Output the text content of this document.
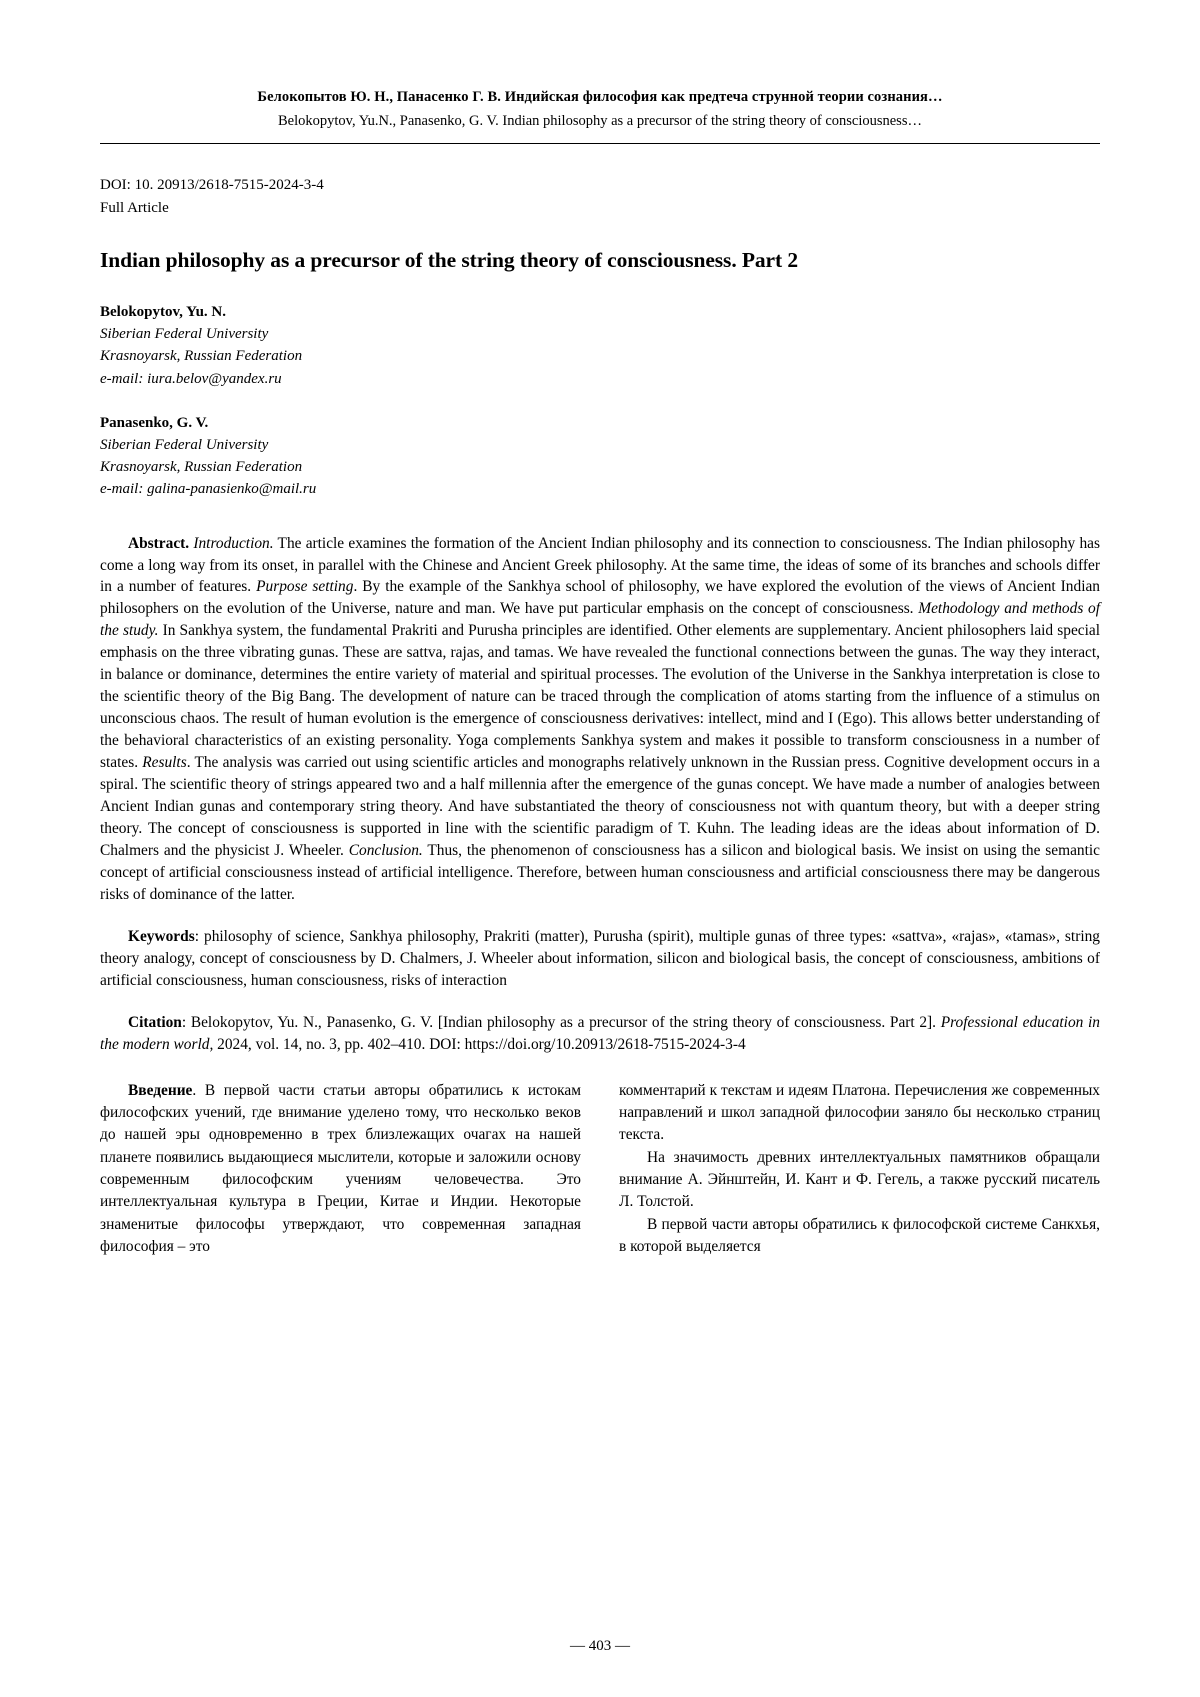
Белокопытов Ю. Н., Панасенко Г. В. Индийская философия как предтеча струнной теории сознания…
Belokopytov, Yu.N., Panasenko, G. V. Indian philosophy as a precursor of the string theory of consciousness…
DOI: 10. 20913/2618-7515-2024-3-4
Full Article
Indian philosophy as a precursor of the string theory of consciousness. Part 2
Belokopytov, Yu. N.
Siberian Federal University
Krasnoyarsk, Russian Federation
e-mail: iura.belov@yandex.ru
Panasenko, G. V.
Siberian Federal University
Krasnoyarsk, Russian Federation
e-mail: galina-panasienko@mail.ru
Abstract. Introduction. The article examines the formation of the Ancient Indian philosophy and its connection to consciousness. The Indian philosophy has come a long way from its onset, in parallel with the Chinese and Ancient Greek philosophy. At the same time, the ideas of some of its branches and schools differ in a number of features. Purpose setting. By the example of the Sankhya school of philosophy, we have explored the evolution of the views of Ancient Indian philosophers on the evolution of the Universe, nature and man. We have put particular emphasis on the concept of consciousness. Methodology and methods of the study. In Sankhya system, the fundamental Prakriti and Purusha principles are identified. Other elements are supplementary. Ancient philosophers laid special emphasis on the three vibrating gunas. These are sattva, rajas, and tamas. We have revealed the functional connections between the gunas. The way they interact, in balance or dominance, determines the entire variety of material and spiritual processes. The evolution of the Universe in the Sankhya interpretation is close to the scientific theory of the Big Bang. The development of nature can be traced through the complication of atoms starting from the influence of a stimulus on unconscious chaos. The result of human evolution is the emergence of consciousness derivatives: intellect, mind and I (Ego). This allows better understanding of the behavioral characteristics of an existing personality. Yoga complements Sankhya system and makes it possible to transform consciousness in a number of states. Results. The analysis was carried out using scientific articles and monographs relatively unknown in the Russian press. Cognitive development occurs in a spiral. The scientific theory of strings appeared two and a half millennia after the emergence of the gunas concept. We have made a number of analogies between Ancient Indian gunas and contemporary string theory. And have substantiated the theory of consciousness not with quantum theory, but with a deeper string theory. The concept of consciousness is supported in line with the scientific paradigm of T. Kuhn. The leading ideas are the ideas about information of D. Chalmers and the physicist J. Wheeler. Conclusion. Thus, the phenomenon of consciousness has a silicon and biological basis. We insist on using the semantic concept of artificial consciousness instead of artificial intelligence. Therefore, between human consciousness and artificial consciousness there may be dangerous risks of dominance of the latter.
Keywords: philosophy of science, Sankhya philosophy, Prakriti (matter), Purusha (spirit), multiple gunas of three types: «sattva», «rajas», «tamas», string theory analogy, concept of consciousness by D. Chalmers, J. Wheeler about information, silicon and biological basis, the concept of consciousness, ambitions of artificial consciousness, human consciousness, risks of interaction
Citation: Belokopytov, Yu. N., Panasenko, G. V. [Indian philosophy as a precursor of the string theory of consciousness. Part 2]. Professional education in the modern world, 2024, vol. 14, no. 3, pp. 402–410. DOI: https://doi.org/10.20913/2618-7515-2024-3-4

Введение. В первой части статьи авторы обратились к истокам философских учений, где внимание уделено тому, что несколько веков до нашей эры одновременно в трех близлежащих очагах на нашей планете появились выдающиеся мыслители, которые и заложили основу современным философским учениям человечества. Это интеллектуальная культура в Греции, Китае и Индии. Некоторые знаменитые философы утверждают, что современная западная философия – это

комментарий к текстам и идеям Платона. Перечисления же современных направлений и школ западной философии заняло бы несколько страниц текста.

На значимость древних интеллектуальных памятников обращали внимание А. Эйнштейн, И. Кант и Ф. Гегель, а также русский писатель Л. Толстой.

В первой части авторы обратились к философской системе Санкхья, в которой выделяется

— 403 —
